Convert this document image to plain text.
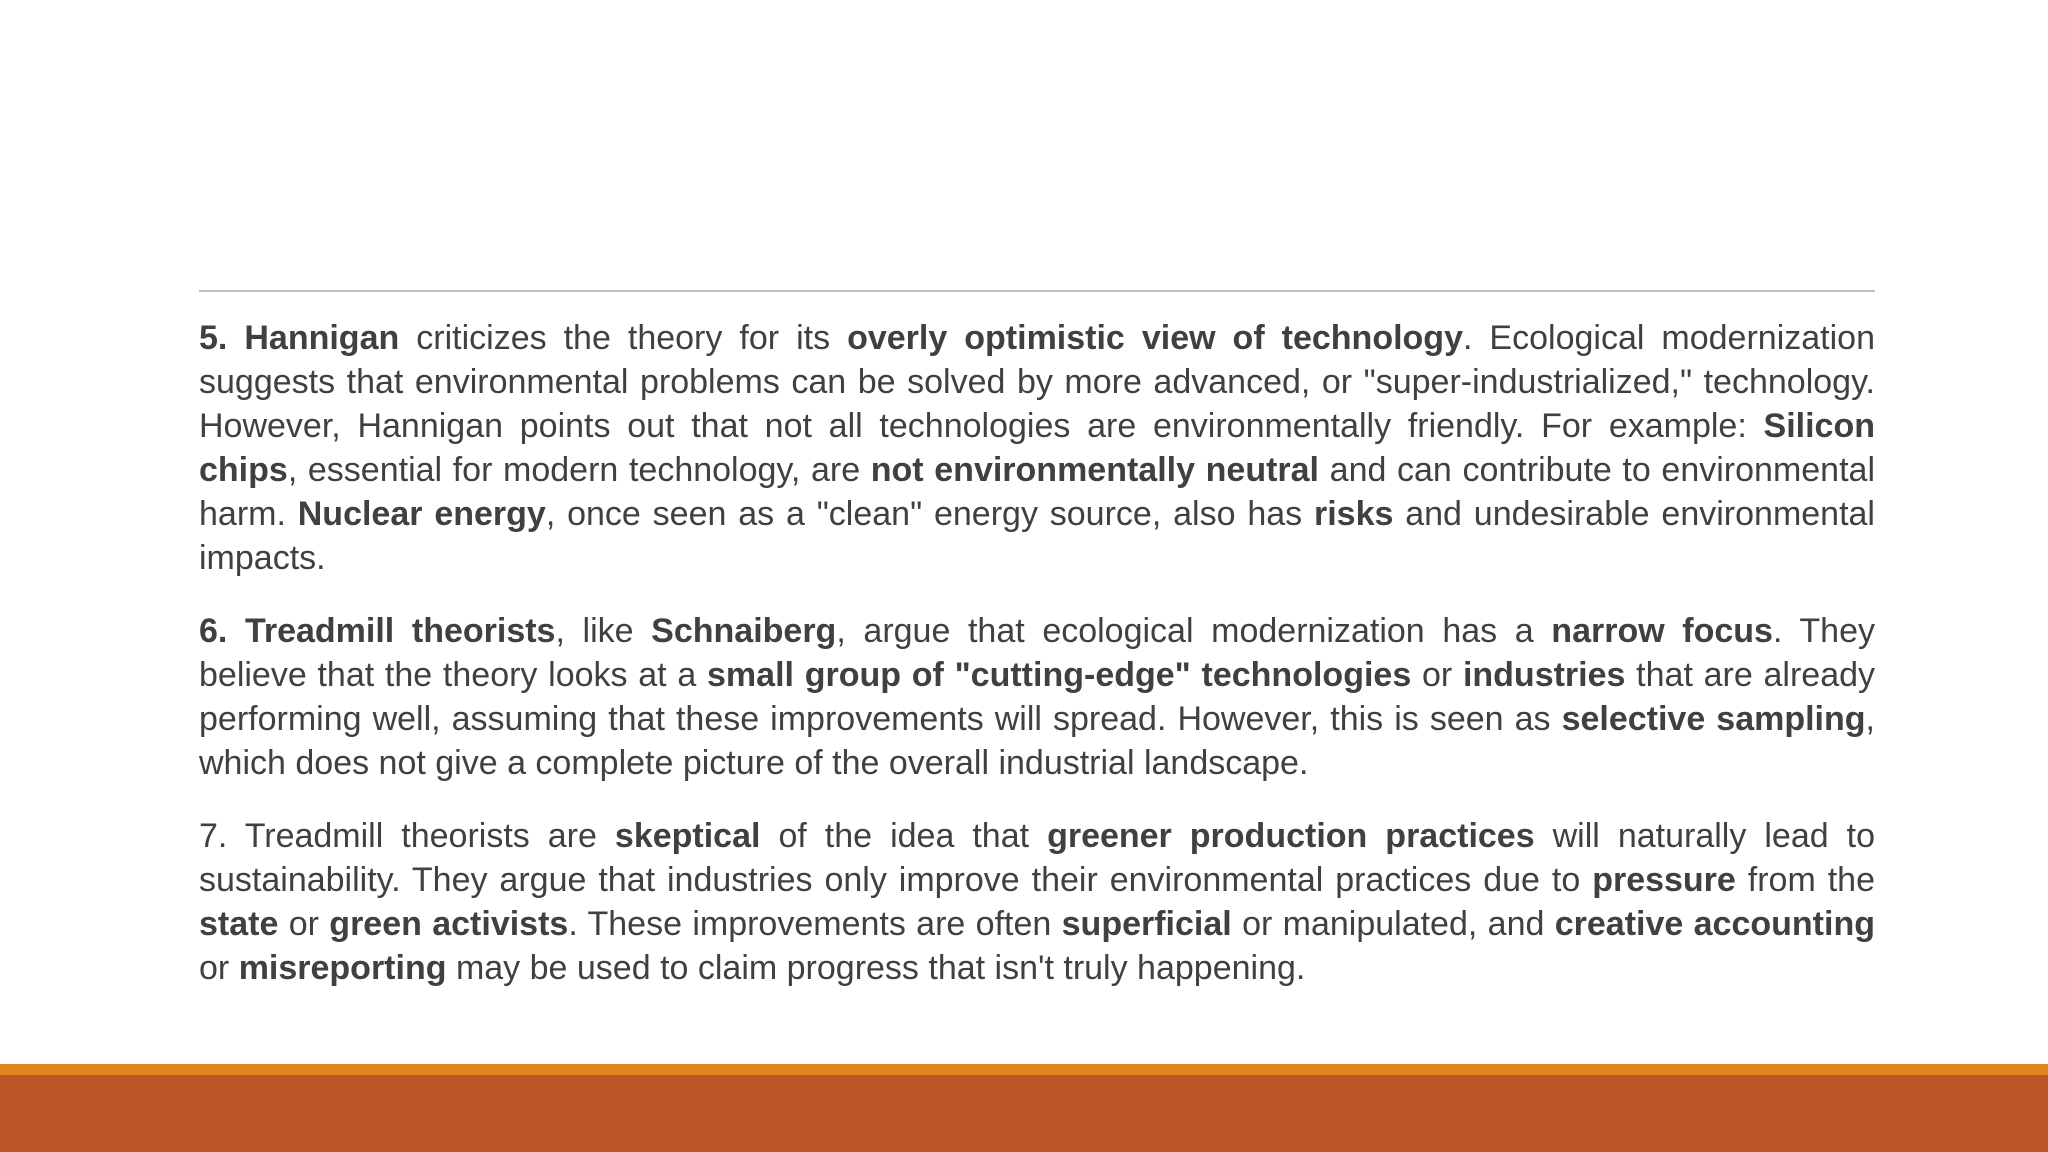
5. Hannigan criticizes the theory for its overly optimistic view of technology. Ecological modernization suggests that environmental problems can be solved by more advanced, or "super-industrialized," technology. However, Hannigan points out that not all technologies are environmentally friendly. For example: Silicon chips, essential for modern technology, are not environmentally neutral and can contribute to environmental harm. Nuclear energy, once seen as a "clean" energy source, also has risks and undesirable environmental impacts.

6. Treadmill theorists, like Schnaiberg, argue that ecological modernization has a narrow focus. They believe that the theory looks at a small group of "cutting-edge" technologies or industries that are already performing well, assuming that these improvements will spread. However, this is seen as selective sampling, which does not give a complete picture of the overall industrial landscape.

7. Treadmill theorists are skeptical of the idea that greener production practices will naturally lead to sustainability. They argue that industries only improve their environmental practices due to pressure from the state or green activists. These improvements are often superficial or manipulated, and creative accounting or misreporting may be used to claim progress that isn't truly happening.
